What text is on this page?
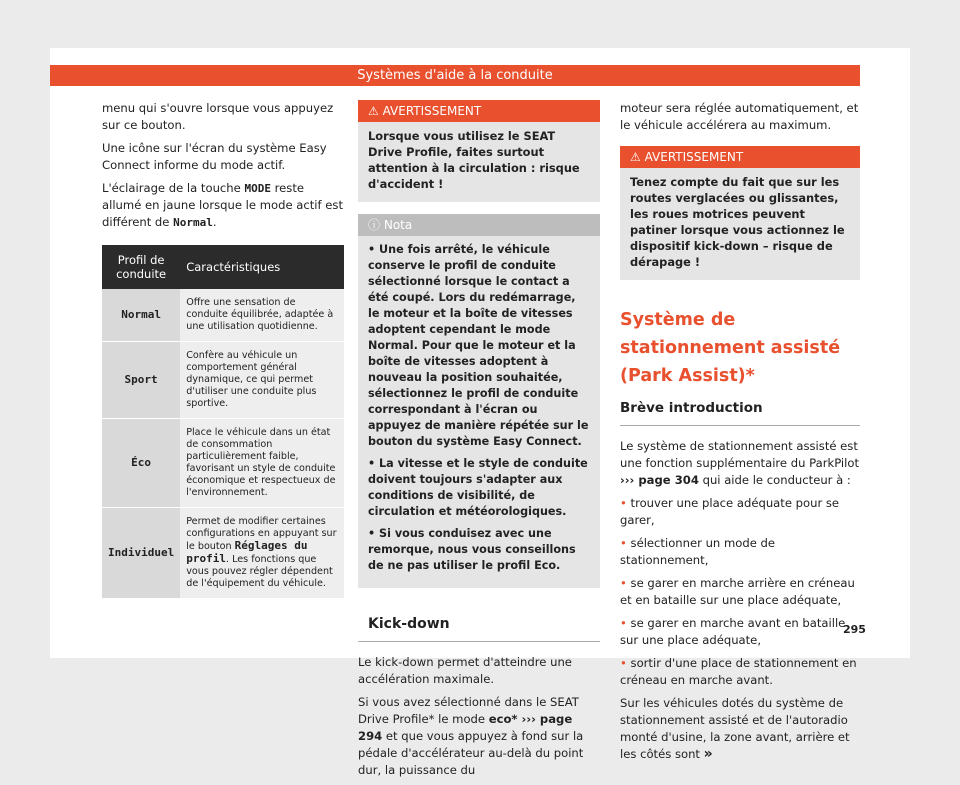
Systèmes d'aide à la conduite

menu qui s'ouvre lorsque vous appuyez sur ce bouton.

Une icône sur l'écran du système Easy Connect informe du mode actif.

L'éclairage de la touche MODE reste allumé en jaune lorsque le mode actif est différent de Normal.

Profil de conduite	Caractéristiques
Normal	Offre une sensation de conduite équilibrée, adaptée à une utilisation quotidienne.
Sport	Confère au véhicule un comportement général dynamique, ce qui permet d'utiliser une conduite plus sportive.
Éco	Place le véhicule dans un état de consommation particulièrement faible, favorisant un style de conduite économique et respectueux de l'environnement.
Individuel	Permet de modifier certaines configurations en appuyant sur le bouton Réglages du profil. Les fonctions que vous pouvez régler dépendent de l'équipement du véhicule.
⚠ AVERTISSEMENT
Lorsque vous utilisez le SEAT Drive Profile, faites surtout attention à la circulation : risque d'accident !
ⓘ Nota

• Une fois arrêté, le véhicule conserve le profil de conduite sélectionné lorsque le contact a été coupé. Lors du redémarrage, le moteur et la boîte de vitesses adoptent cependant le mode Normal. Pour que le moteur et la boîte de vitesses adoptent à nouveau la position souhaitée, sélectionnez le profil de conduite correspondant à l'écran ou appuyez de manière répétée sur le bouton du système Easy Connect.

• La vitesse et le style de conduite doivent toujours s'adapter aux conditions de visibilité, de circulation et météorologiques.

• Si vous conduisez avec une remorque, nous vous conseillons de ne pas utiliser le profil Eco.

Kick-down

Le kick-down permet d'atteindre une accélération maximale.

Si vous avez sélectionné dans le SEAT Drive Profile* le mode eco* ››› page 294 et que vous appuyez à fond sur la pédale d'accélérateur au-delà du point dur, la puissance du

moteur sera réglée automatiquement, et le véhicule accélérera au maximum.

⚠ AVERTISSEMENT
Tenez compte du fait que sur les routes verglacées ou glissantes, les roues motrices peuvent patiner lorsque vous actionnez le dispositif kick-down – risque de dérapage !
Système de stationnement assisté (Park Assist)*
Brève introduction

Le système de stationnement assisté est une fonction supplémentaire du ParkPilot ››› page 304 qui aide le conducteur à :

• trouver une place adéquate pour se garer,

• sélectionner un mode de stationnement,

• se garer en marche arrière en créneau et en bataille sur une place adéquate,

• se garer en marche avant en bataille sur une place adéquate,

• sortir d'une place de stationnement en créneau en marche avant.

Sur les véhicules dotés du système de stationnement assisté et de l'autoradio monté d'usine, la zone avant, arrière et les côtés sont »

295
